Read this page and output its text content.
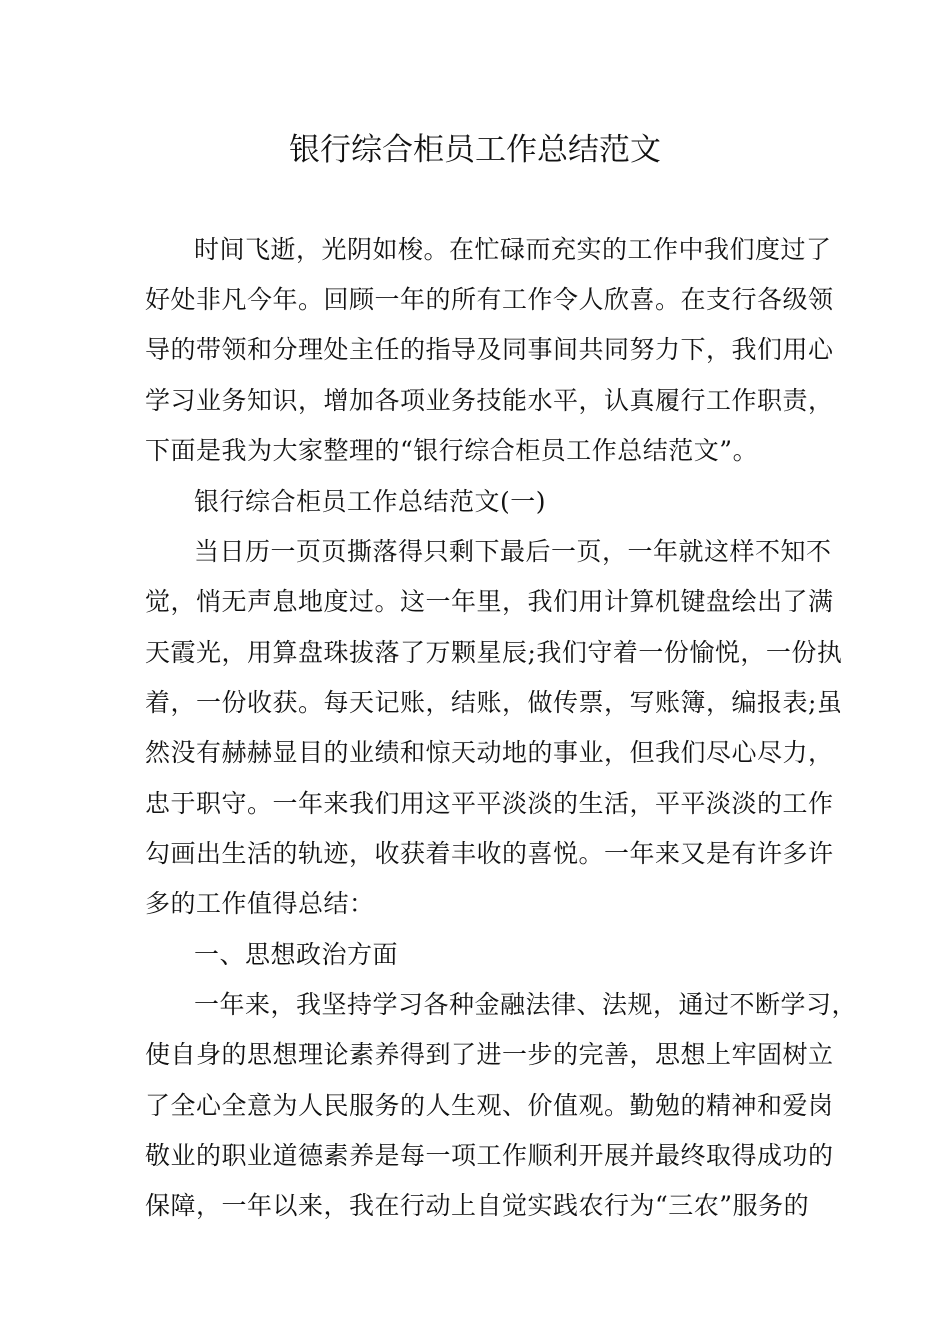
银行综合柜员工作总结范文
时间飞逝，光阴如梭。在忙碌而充实的工作中我们度过了
好处非凡今年。回顾一年的所有工作令人欣喜。在支行各级领
导的带领和分理处主任的指导及同事间共同努力下，我们用心
学习业务知识，增加各项业务技能水平，认真履行工作职责，
下面是我为大家整理的“银行综合柜员工作总结范文”。
银行综合柜员工作总结范文(一)
当日历一页页撕落得只剩下最后一页，一年就这样不知不
觉，悄无声息地度过。这一年里，我们用计算机键盘绘出了满
天霞光，用算盘珠拔落了万颗星辰;我们守着一份愉悦，一份执
着，一份收获。每天记账，结账，做传票，写账簿，编报表;虽
然没有赫赫显目的业绩和惊天动地的事业，但我们尽心尽力，
忠于职守。一年来我们用这平平淡淡的生活，平平淡淡的工作
勾画出生活的轨迹，收获着丰收的喜悦。一年来又是有许多许
多的工作值得总结：
一、思想政治方面
一年来，我坚持学习各种金融法律、法规，通过不断学习，
使自身的思想理论素养得到了进一步的完善，思想上牢固树立
了全心全意为人民服务的人生观、价值观。勤勉的精神和爱岗
敬业的职业道德素养是每一项工作顺利开展并最终取得成功的
保障，一年以来，我在行动上自觉实践农行为“三农”服务的
